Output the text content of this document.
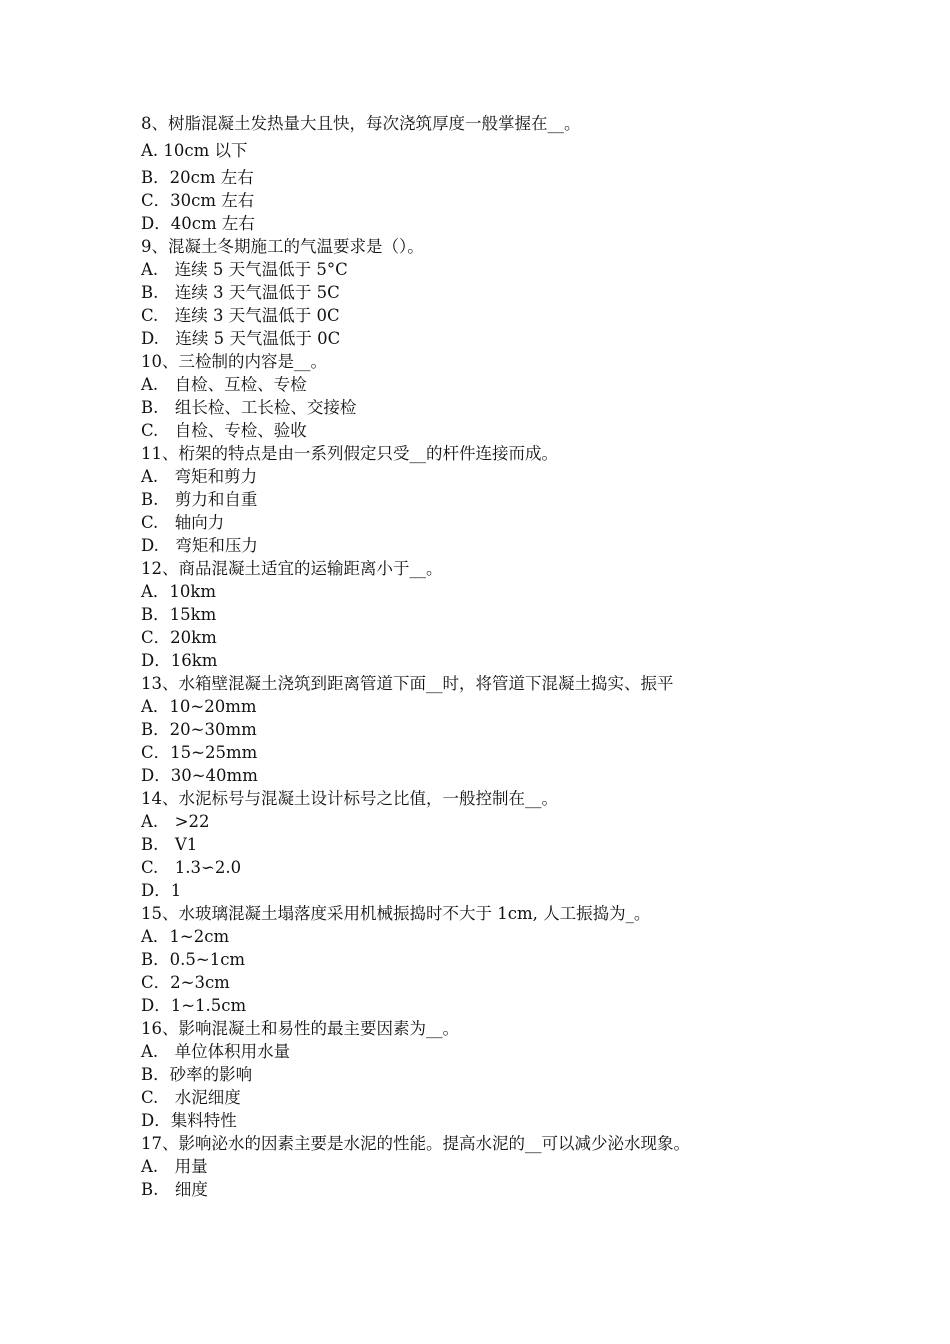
8、树脂混凝土发热量大且快，每次浇筑厚度一般掌握在__。
A. 10cm 以下
B．20cm 左右
C．30cm 左右
D．40cm 左右
9、混凝土冬期施工的气温要求是（）。
A.　连续 5 天气温低于 5°C
B.　连续 3 天气温低于 5C
C.　连续 3 天气温低于 0C
D.　连续 5 天气温低于 0C
10、三检制的内容是__。
A.　自检、互检、专检
B.　组长检、工长检、交接检
C.　自检、专检、验收
11、桁架的特点是由一系列假定只受__的杆件连接而成。
A.　弯矩和剪力
B.　剪力和自重
C.　轴向力
D.　弯矩和压力
12、商品混凝土适宜的运输距离小于__。
A．10km
B．15km
C．20km
D．16km
13、水箱壁混凝土浇筑到距离管道下面__时，将管道下混凝土捣实、振平
A．10~20mm
B．20~30mm
C．15~25mm
D．30~40mm
14、水泥标号与混凝土设计标号之比值，一般控制在__。
A.　>22
B.　V1
C.　1.3∽2.0
D．1
15、水玻璃混凝土塌落度采用机械振捣时不大于 1cm, 人工振捣为_。
A．1~2cm
B．0.5~1cm
C．2~3cm
D．1~1.5cm
16、影响混凝土和易性的最主要因素为__。
A.　单位体积用水量
B．砂率的影响
C.　水泥细度
D．集料特性
17、影响泌水的因素主要是水泥的性能。提高水泥的__可以减少泌水现象。
A.　用量
B.　细度
